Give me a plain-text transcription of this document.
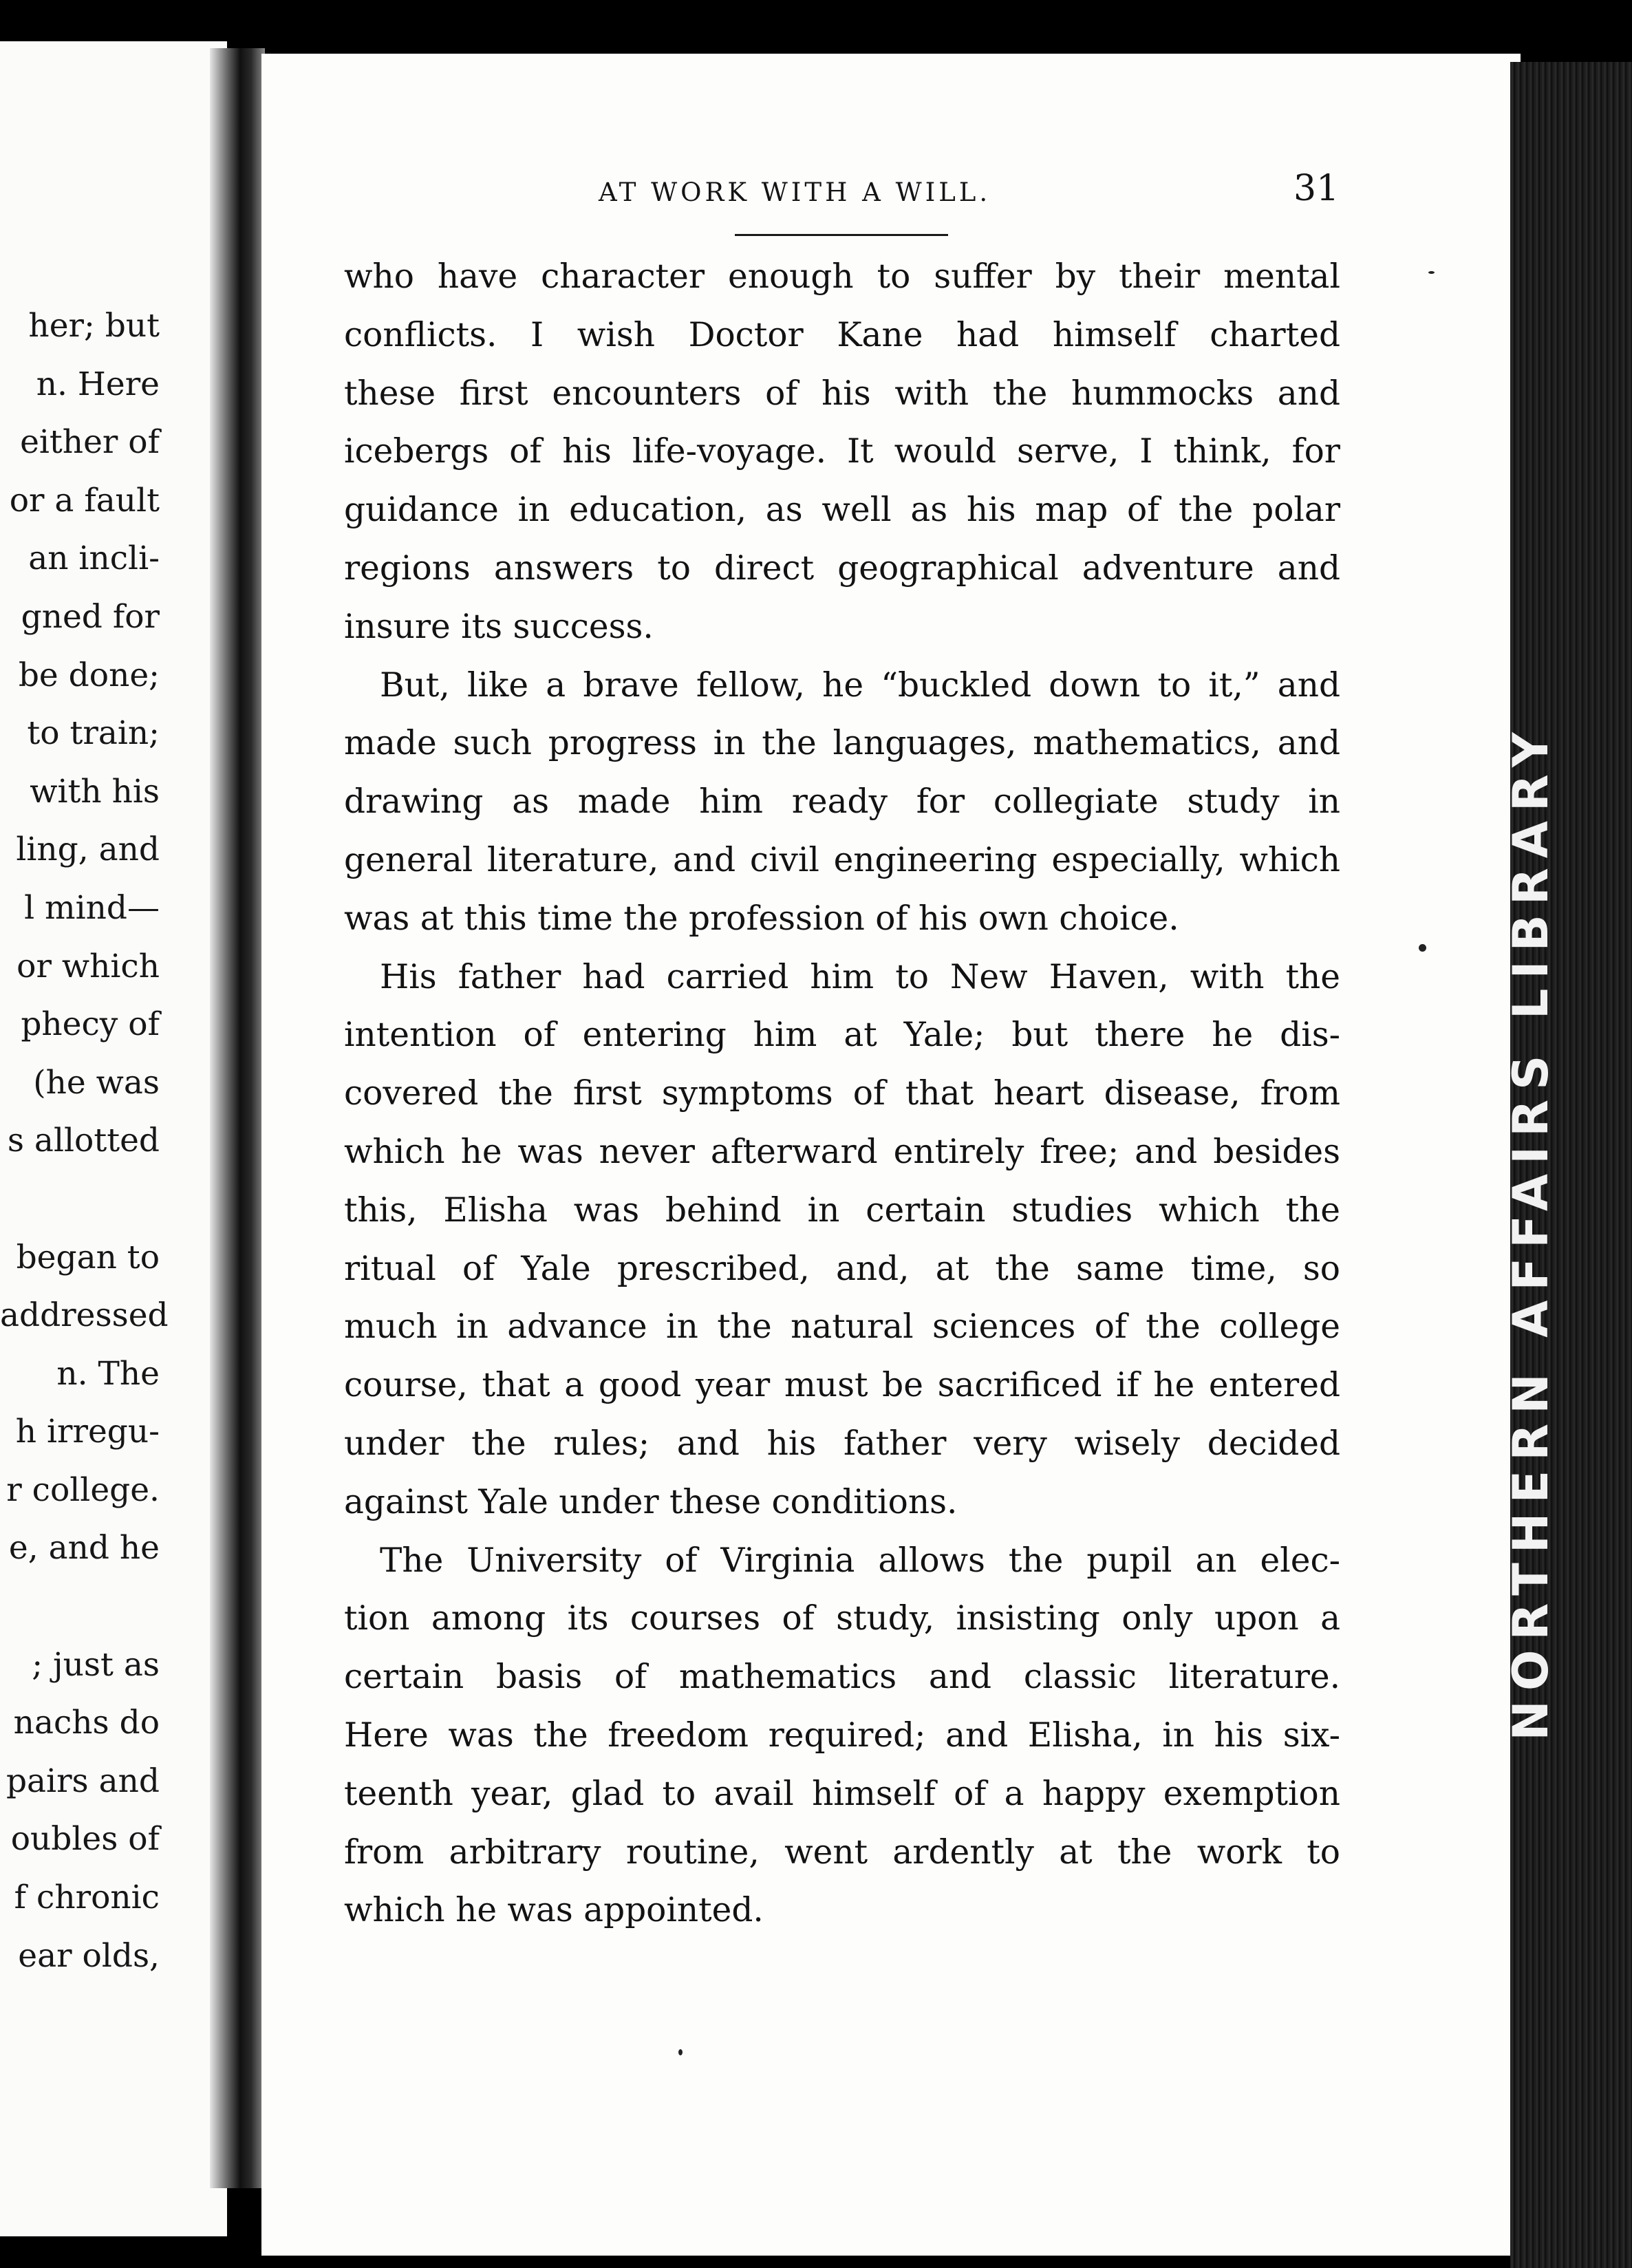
her; but
n. Here
either of
or a fault
an incli-
gned for
be done;
to train;
with his
ling, and
l mind—
or which
phecy of
(he was
s allotted
began to
addressed
n. The
h irregu-
r college.
e, and he
; just as
nachs do
pairs and
oubles of
f chronic
ear olds,
NORTHERN AFFAIRS LIBRARY
AT WORK WITH A WILL.	31
who have character enough to suffer by their mental
conflicts. I wish Doctor Kane had himself charted
these first encounters of his with the hummocks and
icebergs of his life-voyage. It would serve, I think, for
guidance in education, as well as his map of the polar
regions answers to direct geographical adventure and
insure its success.
But, like a brave fellow, he “buckled down to it,” and
made such progress in the languages, mathematics, and
drawing as made him ready for collegiate study in
general literature, and civil engineering especially, which
was at this time the profession of his own choice.
His father had carried him to New Haven, with the
intention of entering him at Yale; but there he dis-
covered the first symptoms of that heart disease, from
which he was never afterward entirely free; and besides
this, Elisha was behind in certain studies which the
ritual of Yale prescribed, and, at the same time, so
much in advance in the natural sciences of the college
course, that a good year must be sacrificed if he entered
under the rules; and his father very wisely decided
against Yale under these conditions.
The University of Virginia allows the pupil an elec-
tion among its courses of study, insisting only upon a
certain basis of mathematics and classic literature.
Here was the freedom required; and Elisha, in his six-
teenth year, glad to avail himself of a happy exemption
from arbitrary routine, went ardently at the work to
which he was appointed.
